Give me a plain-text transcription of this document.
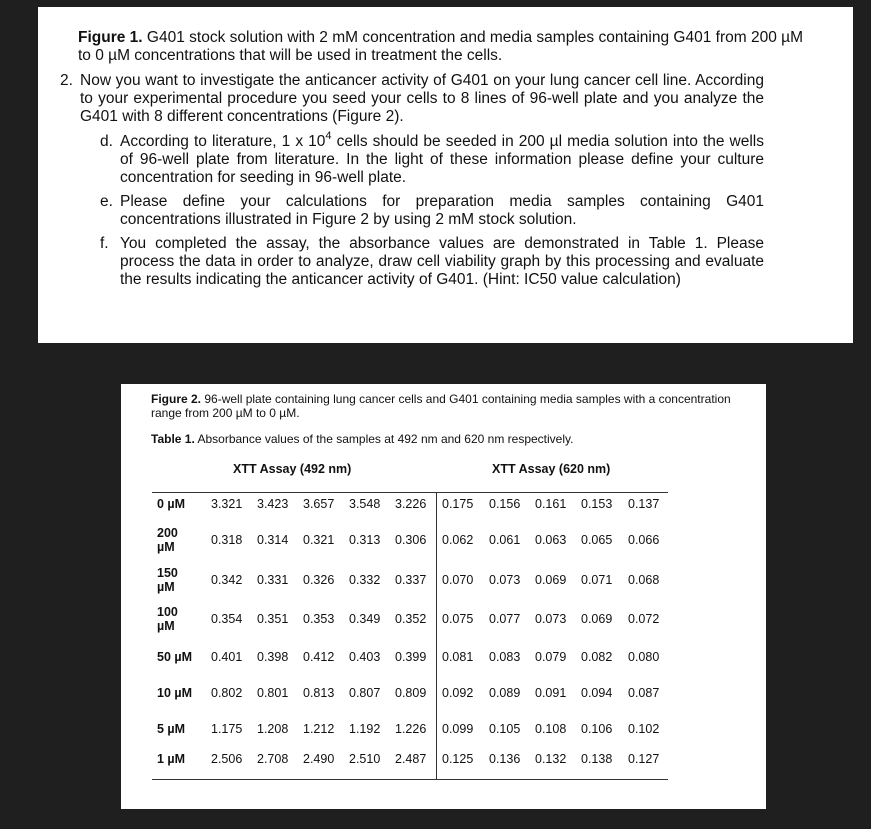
Figure 1. G401 stock solution with 2 mM concentration and media samples containing G401 from 200 µM to 0 µM concentrations that will be used in treatment the cells.

2. Now you want to investigate the anticancer activity of G401 on your lung cancer cell line. According to your experimental procedure you seed your cells to 8 lines of 96-well plate and you analyze the G401 with 8 different concentrations (Figure 2).

d. According to literature, 1 x $10^4$ cells should be seeded in 200 µl media solution into the wells of 96-well plate from literature. In the light of these information please define your culture concentration for seeding in 96-well plate.

e. Please define your calculations for preparation media samples containing G401 concentrations illustrated in Figure 2 by using 2 mM stock solution.

f. You completed the assay, the absorbance values are demonstrated in Table 1. Please process the data in order to analyze, draw cell viability graph by this processing and evaluate the results indicating the anticancer activity of G401. (Hint: IC50 value calculation)

Figure 2. 96-well plate containing lung cancer cells and G401 containing media samples with a concentration range from 200 µM to 0 µM.

Table 1. Absorbance values of the samples at 492 nm and 620 nm respectively.

XTT Assay (492 nm)	XTT Assay (620 nm)
0 µM	3.321	3.423	3.657	3.548	3.226	0.175	0.156	0.161	0.153	0.137
200 µM	0.318	0.314	0.321	0.313	0.306	0.062	0.061	0.063	0.065	0.066
150 µM	0.342	0.331	0.326	0.332	0.337	0.070	0.073	0.069	0.071	0.068
100 µM	0.354	0.351	0.353	0.349	0.352	0.075	0.077	0.073	0.069	0.072
50 µM	0.401	0.398	0.412	0.403	0.399	0.081	0.083	0.079	0.082	0.080
10 µM	0.802	0.801	0.813	0.807	0.809	0.092	0.089	0.091	0.094	0.087
5 µM	1.175	1.208	1.212	1.192	1.226	0.099	0.105	0.108	0.106	0.102
1 µM	2.506	2.708	2.490	2.510	2.487	0.125	0.136	0.132	0.138	0.127
